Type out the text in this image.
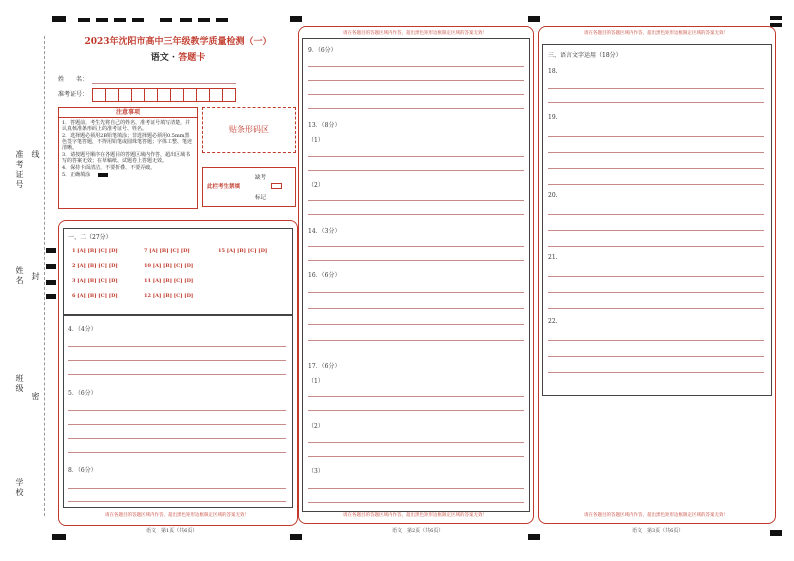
准考证号 线
姓名 封
班级
密
学校
2023年沈阳市高中三年级教学质量检测（一）
语文 · 答题卡
姓　　名：
准考证号：
注意事项
1．答题前，考生先将自己的姓名、准考证号填写清楚，并认真核准条形码上的准考证号、姓名。
2．选择题必须用2B铅笔填涂；非选择题必须用0.5mm黑色签字笔答题，不得用铅笔或圆珠笔答题；字体工整、笔迹清晰。
3．请按题号顺序在各题目的答题区域内作答，超出区域书写的答案无效；在草稿纸、试题卷上答题无效。
4．保持卡面清洁，不要折叠、不要弄破。
5．正确填涂
贴条形码区
此栏考生禁填
缺考
标记
一、二（27分）
1 [A] [B] [C] [D]	7 [A] [B] [C] [D]	15 [A] [B] [C] [D]
2 [A] [B] [C] [D]	10 [A] [B] [C] [D]
3 [A] [B] [C] [D]	11 [A] [B] [C] [D]
6 [A] [B] [C] [D]	12 [A] [B] [C] [D]
4．（4分）
5．（6分）
8．（6分）
请在各题目的答题区域内作答，超出黑色矩形边框限定区域的答案无效！
语文　第1页（共6页）
请在各题目的答题区域内作答，超出黑色矩形边框限定区域的答案无效！
9．（6分）
13．（8分）
（1）
（2）
14．（3分）
16．（6分）
17．（6分）
（1）
（2）
（3）
请在各题目的答题区域内作答，超出黑色矩形边框限定区域的答案无效！
语文　第2页（共6页）
请在各题目的答题区域内作答，超出黑色矩形边框限定区域的答案无效！
三、语言文字运用（18分）
18.
19.
20.
21.
22.
请在各题目的答题区域内作答，超出黑色矩形边框限定区域的答案无效！
语文　第3页（共6页）
